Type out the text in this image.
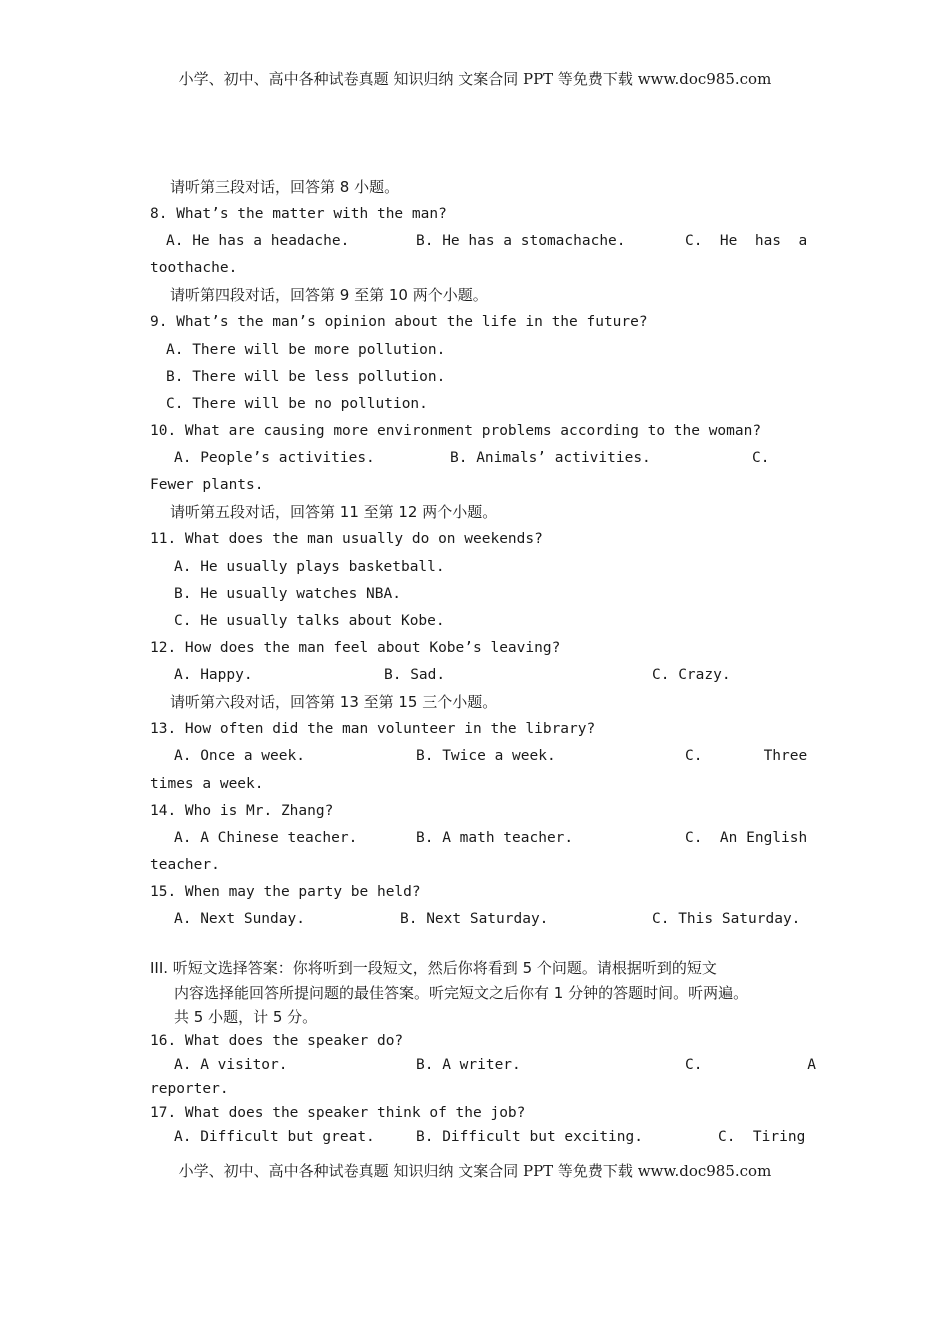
小学、初中、高中各种试卷真题 知识归纳 文案合同 PPT 等免费下载 www.doc985.com
请听第三段对话，回答第 8 小题。
8. What’s the matter with the man?
A. He has a headache.	B. He has a stomachache.	C.  He  has  a
toothache.
请听第四段对话，回答第 9 至第 10 两个小题。
9. What’s the man’s opinion about the life in the future?
A. There will be more pollution.
B. There will be less pollution.
C. There will be no pollution.
10. What are causing more environment problems according to the woman?
A. People’s activities.	B. Animals’ activities.	C.
Fewer plants.
请听第五段对话，回答第 11 至第 12 两个小题。
11. What does the man usually do on weekends?
A. He usually plays basketball.
B. He usually watches NBA.
C. He usually talks about Kobe.
12. How does the man feel about Kobe’s leaving?
A. Happy.	B. Sad.	C. Crazy.
请听第六段对话，回答第 13 至第 15 三个小题。
13. How often did the man volunteer in the library?
A. Once a week.	B. Twice a week.	C.       Three
times a week.
14. Who is Mr. Zhang?
A. A Chinese teacher.	B. A math teacher.	C.  An English
teacher.
15. When may the party be held?
A. Next Sunday.	B. Next Saturday.	C. This Saturday.
III. 听短文选择答案：你将听到一段短文，然后你将看到 5 个问题。请根据听到的短文
内容选择能回答所提问题的最佳答案。听完短文之后你有 1 分钟的答题时间。听两遍。
共 5 小题，计 5 分。
16. What does the speaker do?
A. A visitor.	B. A writer.	C.            A
reporter.
17. What does the speaker think of the job?
A. Difficult but great.	B. Difficult but exciting.	C.  Tiring
小学、初中、高中各种试卷真题 知识归纳 文案合同 PPT 等免费下载 www.doc985.com
